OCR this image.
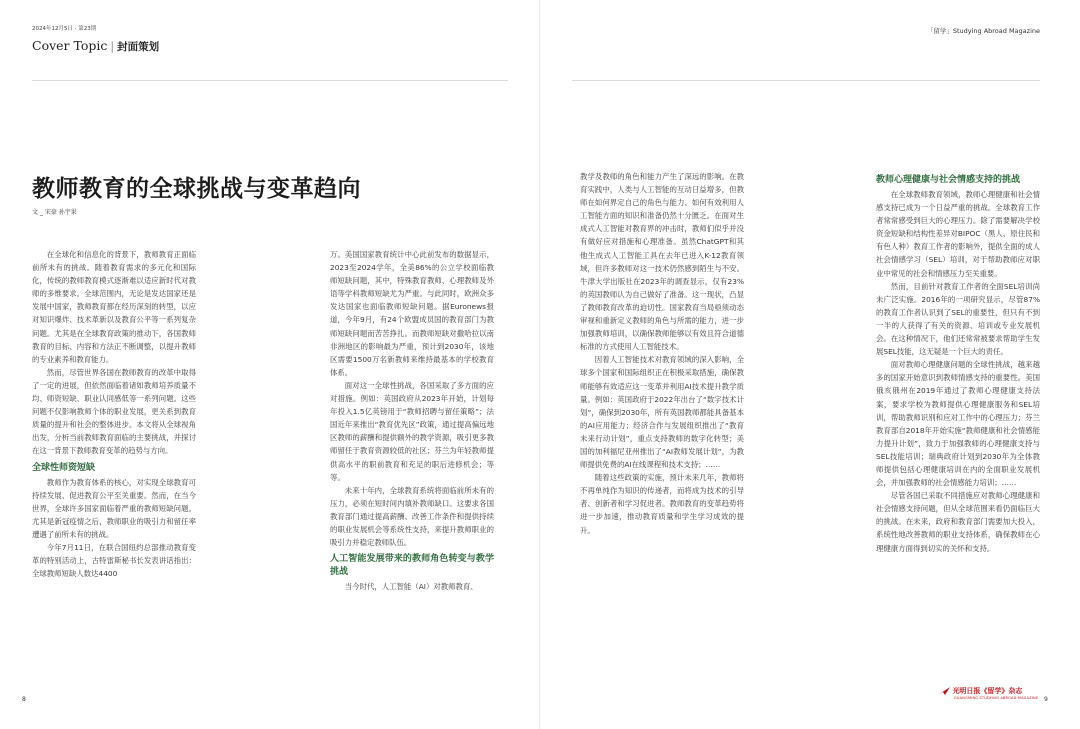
2024年12月5日 · 第23期
Cover Topic | 封面策划
教师教育的全球挑战与变革趋向
文 _ 宋豪 孙宇果

在全球化和信息化的背景下，教师教育正面临前所未有的挑战。随着教育需求的多元化和国际化，传统的教师教育模式逐渐难以适应新时代对教师的多维要求。全球范围内，无论是发达国家还是发展中国家，教师教育都在经历深刻的转型，以应对知识爆炸、技术革新以及教育公平等一系列复杂问题。尤其是在全球教育政策的推动下，各国教师教育的目标、内容和方法正不断调整，以提升教师的专业素养和教育能力。

然而，尽管世界各国在教师教育的改革中取得了一定的进展，但依然面临着诸如教师培养质量不均、师资短缺、职业认同感低等一系列问题。这些问题不仅影响教师个体的职业发展，更关系到教育质量的提升和社会的整体进步。本文将从全球视角出发，分析当前教师教育面临的主要挑战，并探讨在这一背景下教师教育变革的趋势与方向。

全球性师资短缺

教师作为教育体系的核心，对实现全球教育可持续发展、促进教育公平至关重要。然而，在当今世界，全球许多国家面临着严重的教师短缺问题。尤其是新冠疫情之后，教师职业的吸引力和留任率遭遇了前所未有的挑战。

今年7月11日，在联合国纽约总部推动教育变革的特别活动上，古特雷斯秘书长发表讲话指出：全球教师短缺人数达4400

万。美国国家教育统计中心此前发布的数据显示，2023至2024学年，全美86%的公立学校面临教师短缺问题，其中，特殊教育教师、心理教师及外语等学科教师短缺尤为严重。与此同时，欧洲众多发达国家也面临教师短缺问题。据Euronews报道，今年9月，有24个欧盟成员国的教育部门为教师短缺问题而苦苦挣扎。而教师短缺对撒哈拉以南非洲地区的影响最为严重，预计到2030年，该地区需要1500万名新教师来维持最基本的学校教育体系。

面对这一全球性挑战，各国采取了多方面的应对措施。例如：英国政府从2023年开始，计划每年投入1.5亿英镑用于“教师招聘与留任策略”；法国近年来推出“教育优先区”政策，通过提高偏远地区教师的薪酬和提供额外的教学资源，吸引更多教师留任于教育资源较低的社区；芬兰为年轻教师提供高水平的职前教育和充足的职后进修机会；等等。

未来十年内，全球教育系统将面临前所未有的压力，必须在短时间内填补教师缺口。这要求各国教育部门通过提高薪酬、改善工作条件和提供持续的职业发展机会等系统性支持，来提升教师职业的吸引力并稳定教师队伍。

人工智能发展带来的教师角色转变与教学挑战

当今时代，人工智能（AI）对教师教育、

8
「留学」Studying Abroad Magazine

教学及教师的角色和能力产生了深远的影响。在教育实践中，人类与人工智能的互动日益增多，但教师在如何界定自己的角色与能力、如何有效利用人工智能方面的知识和准备仍然十分匮乏。在面对生成式人工智能对教育界的冲击时，教师们似乎并没有做好应对措施和心理准备。虽然ChatGPT和其他生成式人工智能工具在去年已进入K-12教育领域，但许多教师对这一技术仍然感到陌生与不安。牛津大学出版社在2023年的调查显示，仅有23%的英国教师认为自己做好了准备。这一现状，凸显了教师教育改革的迫切性。国家教育当局亟须动态审视和重新定义教师的角色与所需的能力，进一步加强教师培训，以确保教师能够以有效且符合道德标准的方式使用人工智能技术。

因着人工智能技术对教育领域的深入影响，全球多个国家和国际组织正在积极采取措施，确保教师能够有效适应这一变革并利用AI技术提升教学质量。例如：英国政府于2022年出台了“数字技术计划”，确保到2030年，所有英国教师都能具备基本的AI应用能力；经济合作与发展组织推出了“教育未来行动计划”，重点支持教师的数字化转型；美国的加利福尼亚州推出了“AI教师发展计划”，为教师提供免费的AI在线课程和技术支持；……

随着这些政策的实施，预计未来几年，教师将不再单纯作为知识的传递者，而将成为技术的引导者、创新者和学习促进者。教师教育的变革趋势将进一步加速，推动教育质量和学生学习成效的提升。

教师心理健康与社会情感支持的挑战

在全球教师教育领域，教师心理健康和社会情感支持已成为一个日益严重的挑战。全球教育工作者常常感受到巨大的心理压力。除了需要解决学校资金短缺和结构性差异对BIPOC（黑人、原住民和有色人种）教育工作者的影响外，提供全面的成人社会情感学习（SEL）培训，对于帮助教师应对职业中常见的社会和情感压力至关重要。

然而，目前针对教育工作者的全面SEL培训尚未广泛实施。2016年的一项研究显示，尽管87%的教育工作者认识到了SEL的重要性，但只有不到一半的人获得了有关的资源、培训或专业发展机会。在这种情况下，他们还常常被要求帮助学生发展SEL技能，这无疑是一个巨大的责任。

面对教师心理健康问题的全球性挑战，越来越多的国家开始意识到教师情感支持的重要性。美国俄亥俄州在2019年通过了教师心理健康支持法案，要求学校为教师提供心理健康服务和SEL培训，帮助教师识别和应对工作中的心理压力；芬兰教育部自2018年开始实施“教师健康和社会情感能力提升计划”，致力于加强教师的心理健康支持与SEL技能培训；瑞典政府计划到2030年为全体教师提供包括心理健康培训在内的全面职业发展机会，并加强教师的社会情感能力培训；……

尽管各国已采取不同措施应对教师心理健康和社会情感支持问题，但从全球范围来看仍面临巨大的挑战。在未来，政府和教育部门需要加大投入，系统性地改善教师的职业支持体系，确保教师在心理健康方面得到切实的关怀和支持。

光明日报《留学》杂志
GUANGMING STUDYING ABROAD MAGAZINE 9
